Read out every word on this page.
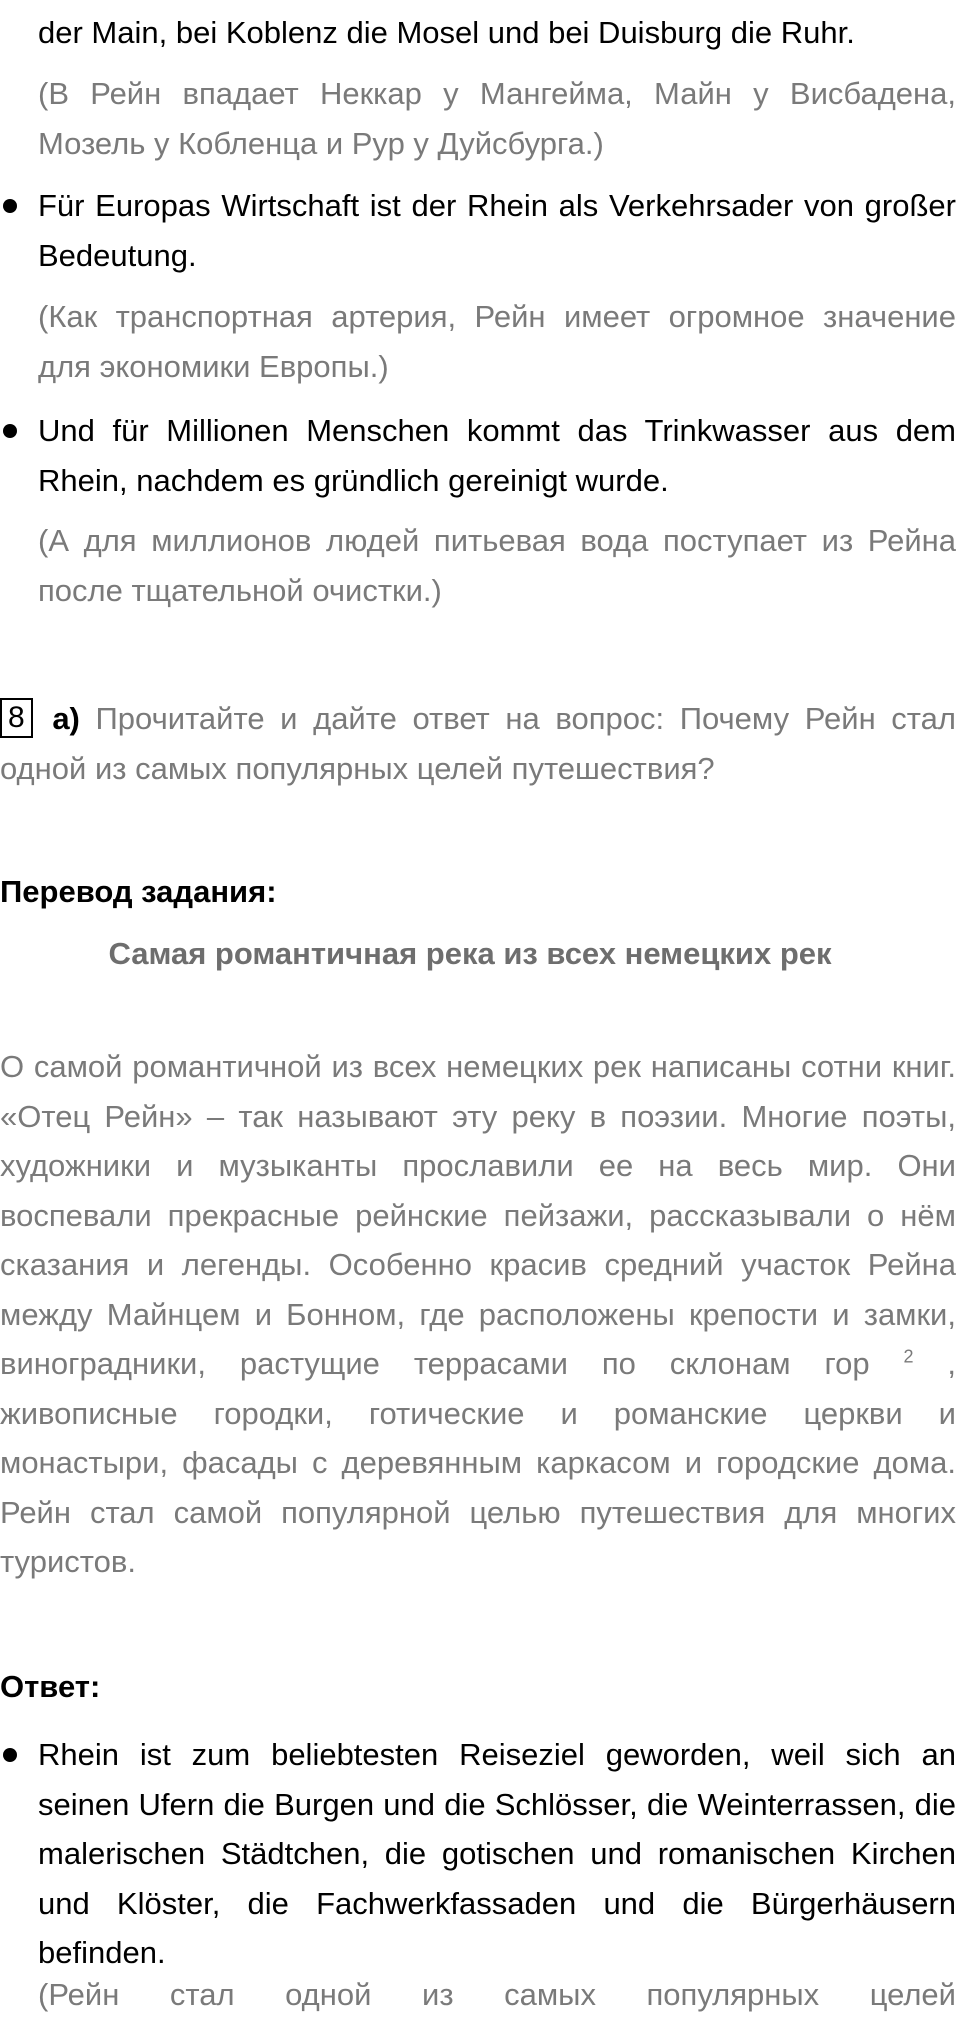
der Main, bei Koblenz die Mosel und bei Duisburg die Ruhr.

(В Рейн впадает Неккар у Мангейма, Майн у Висбадена, Мозель у Кобленца и Рур у Дуйсбурга.)

Für Europas Wirtschaft ist der Rhein als Verkehrsader von großer Bedeutung.

(Как транспортная артерия, Рейн имеет огромное значение для экономики Европы.)

Und für Millionen Menschen kommt das Trinkwasser aus dem Rhein, nachdem es gründlich gereinigt wurde.

(А для миллионов людей питьевая вода поступает из Рейна после тщательной очистки.)

8 а) Прочитайте и дайте ответ на вопрос: Почему Рейн стал одной из самых популярных целей путешествия?

Перевод задания:
Самая романтичная река из всех немецких рек

О самой романтичной из всех немецких рек написаны сотни книг. «Отец Рейн» – так называют эту реку в поэзии. Многие поэты, художники и музыканты прославили ее на весь мир. Они воспевали прекрасные рейнские пейзажи, рассказывали о нём сказания и легенды. Особенно красив средний участок Рейна между Майнцем и Бонном, где расположены крепости и замки, виноградники, растущие террасами по склонам гор $^2$ , живописные городки, готические и романские церкви и монастыри, фасады с деревянным каркасом и городские дома. Рейн стал самой популярной целью путешествия для многих туристов.

Ответ:

Rhein ist zum beliebtesten Reiseziel geworden, weil sich an seinen Ufern die Burgen und die Schlösser, die Weinterrassen, die malerischen Städtchen, die gotischen und romanischen Kirchen und Klöster, die Fachwerkfassaden und die Bürgerhäusern befinden.

(Рейн стал одной из самых популярных целей
